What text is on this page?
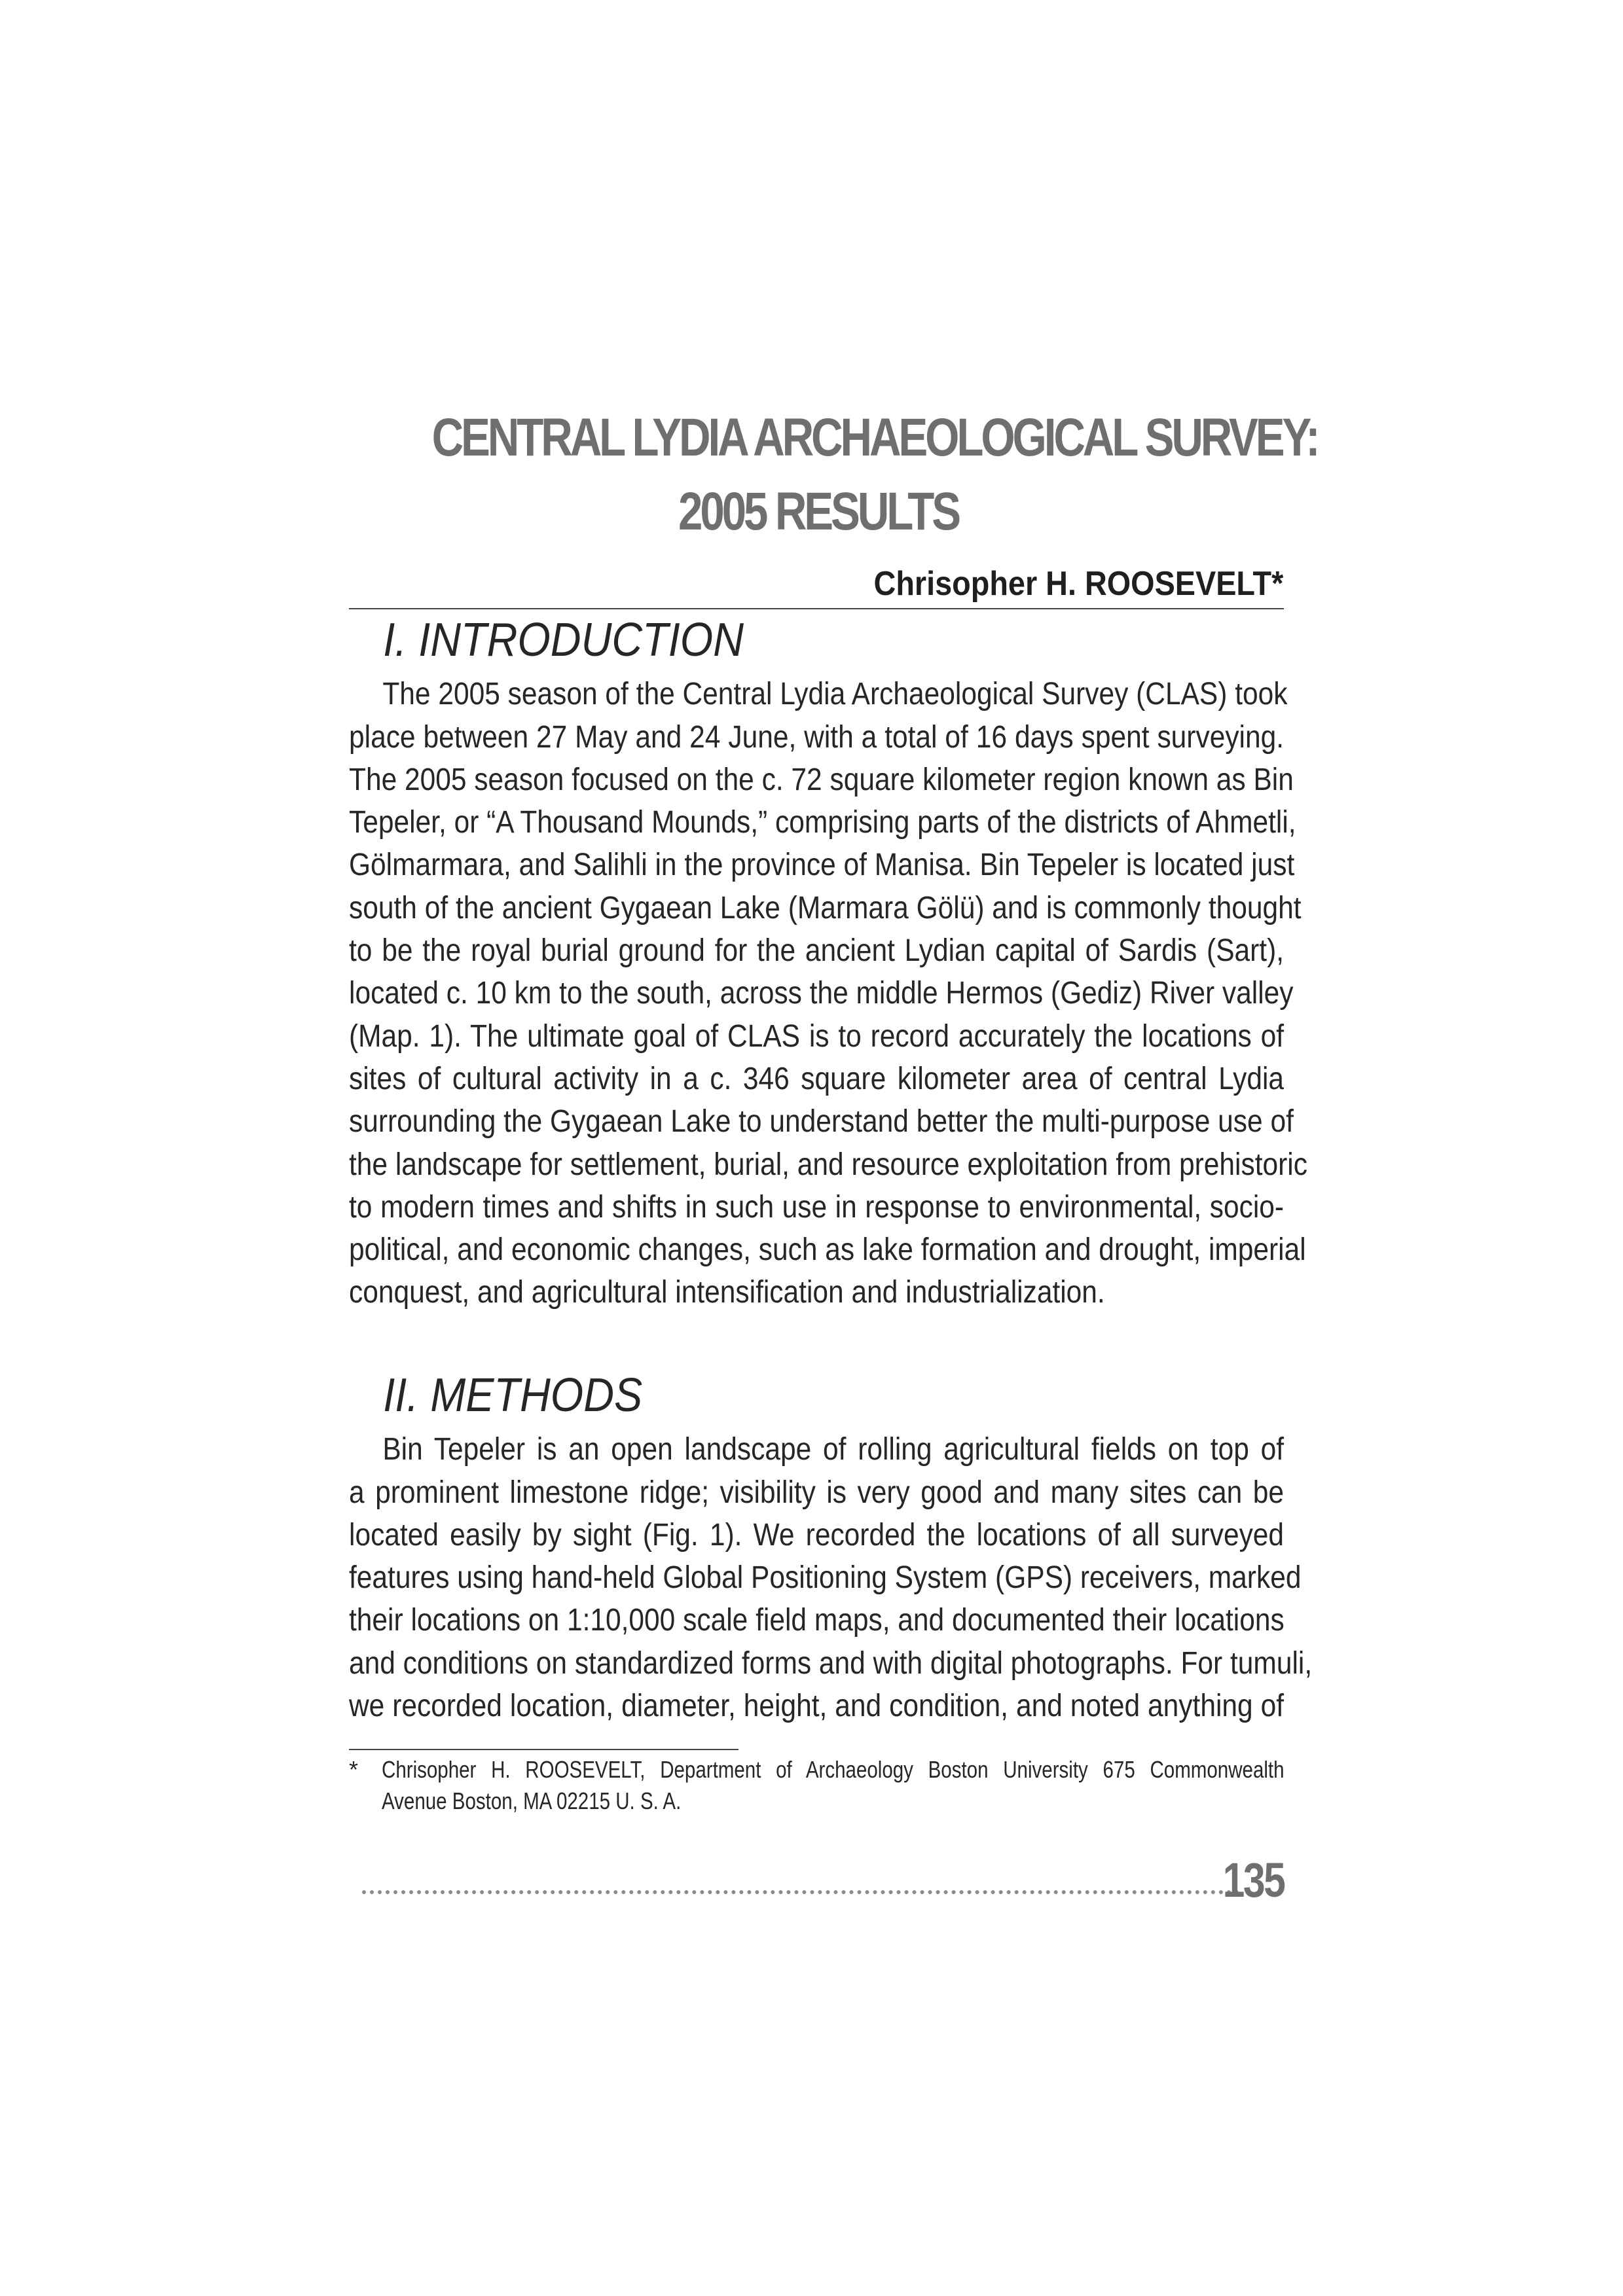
CENTRAL LYDIA ARCHAEOLOGICAL SURVEY:
2005 RESULTS
Chrisopher H. ROOSEVELT*
I. INTRODUCTION
The 2005 season of the Central Lydia Archaeological Survey (CLAS) took
place between 27 May and 24 June, with a total of 16 days spent surveying.
The 2005 season focused on the c. 72 square kilometer region known as Bin
Tepeler, or “A Thousand Mounds,” comprising parts of the districts of Ahmetli,
Gölmarmara, and Salihli in the province of Manisa. Bin Tepeler is located just
south of the ancient Gygaean Lake (Marmara Gölü) and is commonly thought
to be the royal burial ground for the ancient Lydian capital of Sardis (Sart),
located c. 10 km to the south, across the middle Hermos (Gediz) River valley
(Map. 1). The ultimate goal of CLAS is to record accurately the locations of
sites of cultural activity in a c. 346 square kilometer area of central Lydia
surrounding the Gygaean Lake to understand better the multi-purpose use of
the landscape for settlement, burial, and resource exploitation from prehistoric
to modern times and shifts in such use in response to environmental, socio-
political, and economic changes, such as lake formation and drought, imperial
conquest, and agricultural intensification and industrialization.
II. METHODS
Bin Tepeler is an open landscape of rolling agricultural fields on top of
a prominent limestone ridge; visibility is very good and many sites can be
located easily by sight (Fig. 1). We recorded the locations of all surveyed
features using hand-held Global Positioning System (GPS) receivers, marked
their locations on 1:10,000 scale field maps, and documented their locations
and conditions on standardized forms and with digital photographs. For tumuli,
we recorded location, diameter, height, and condition, and noted anything of
* Chrisopher H. ROOSEVELT, Department of Archaeology Boston University 675 Commonwealth
Avenue Boston, MA 02215 U. S. A.
135
